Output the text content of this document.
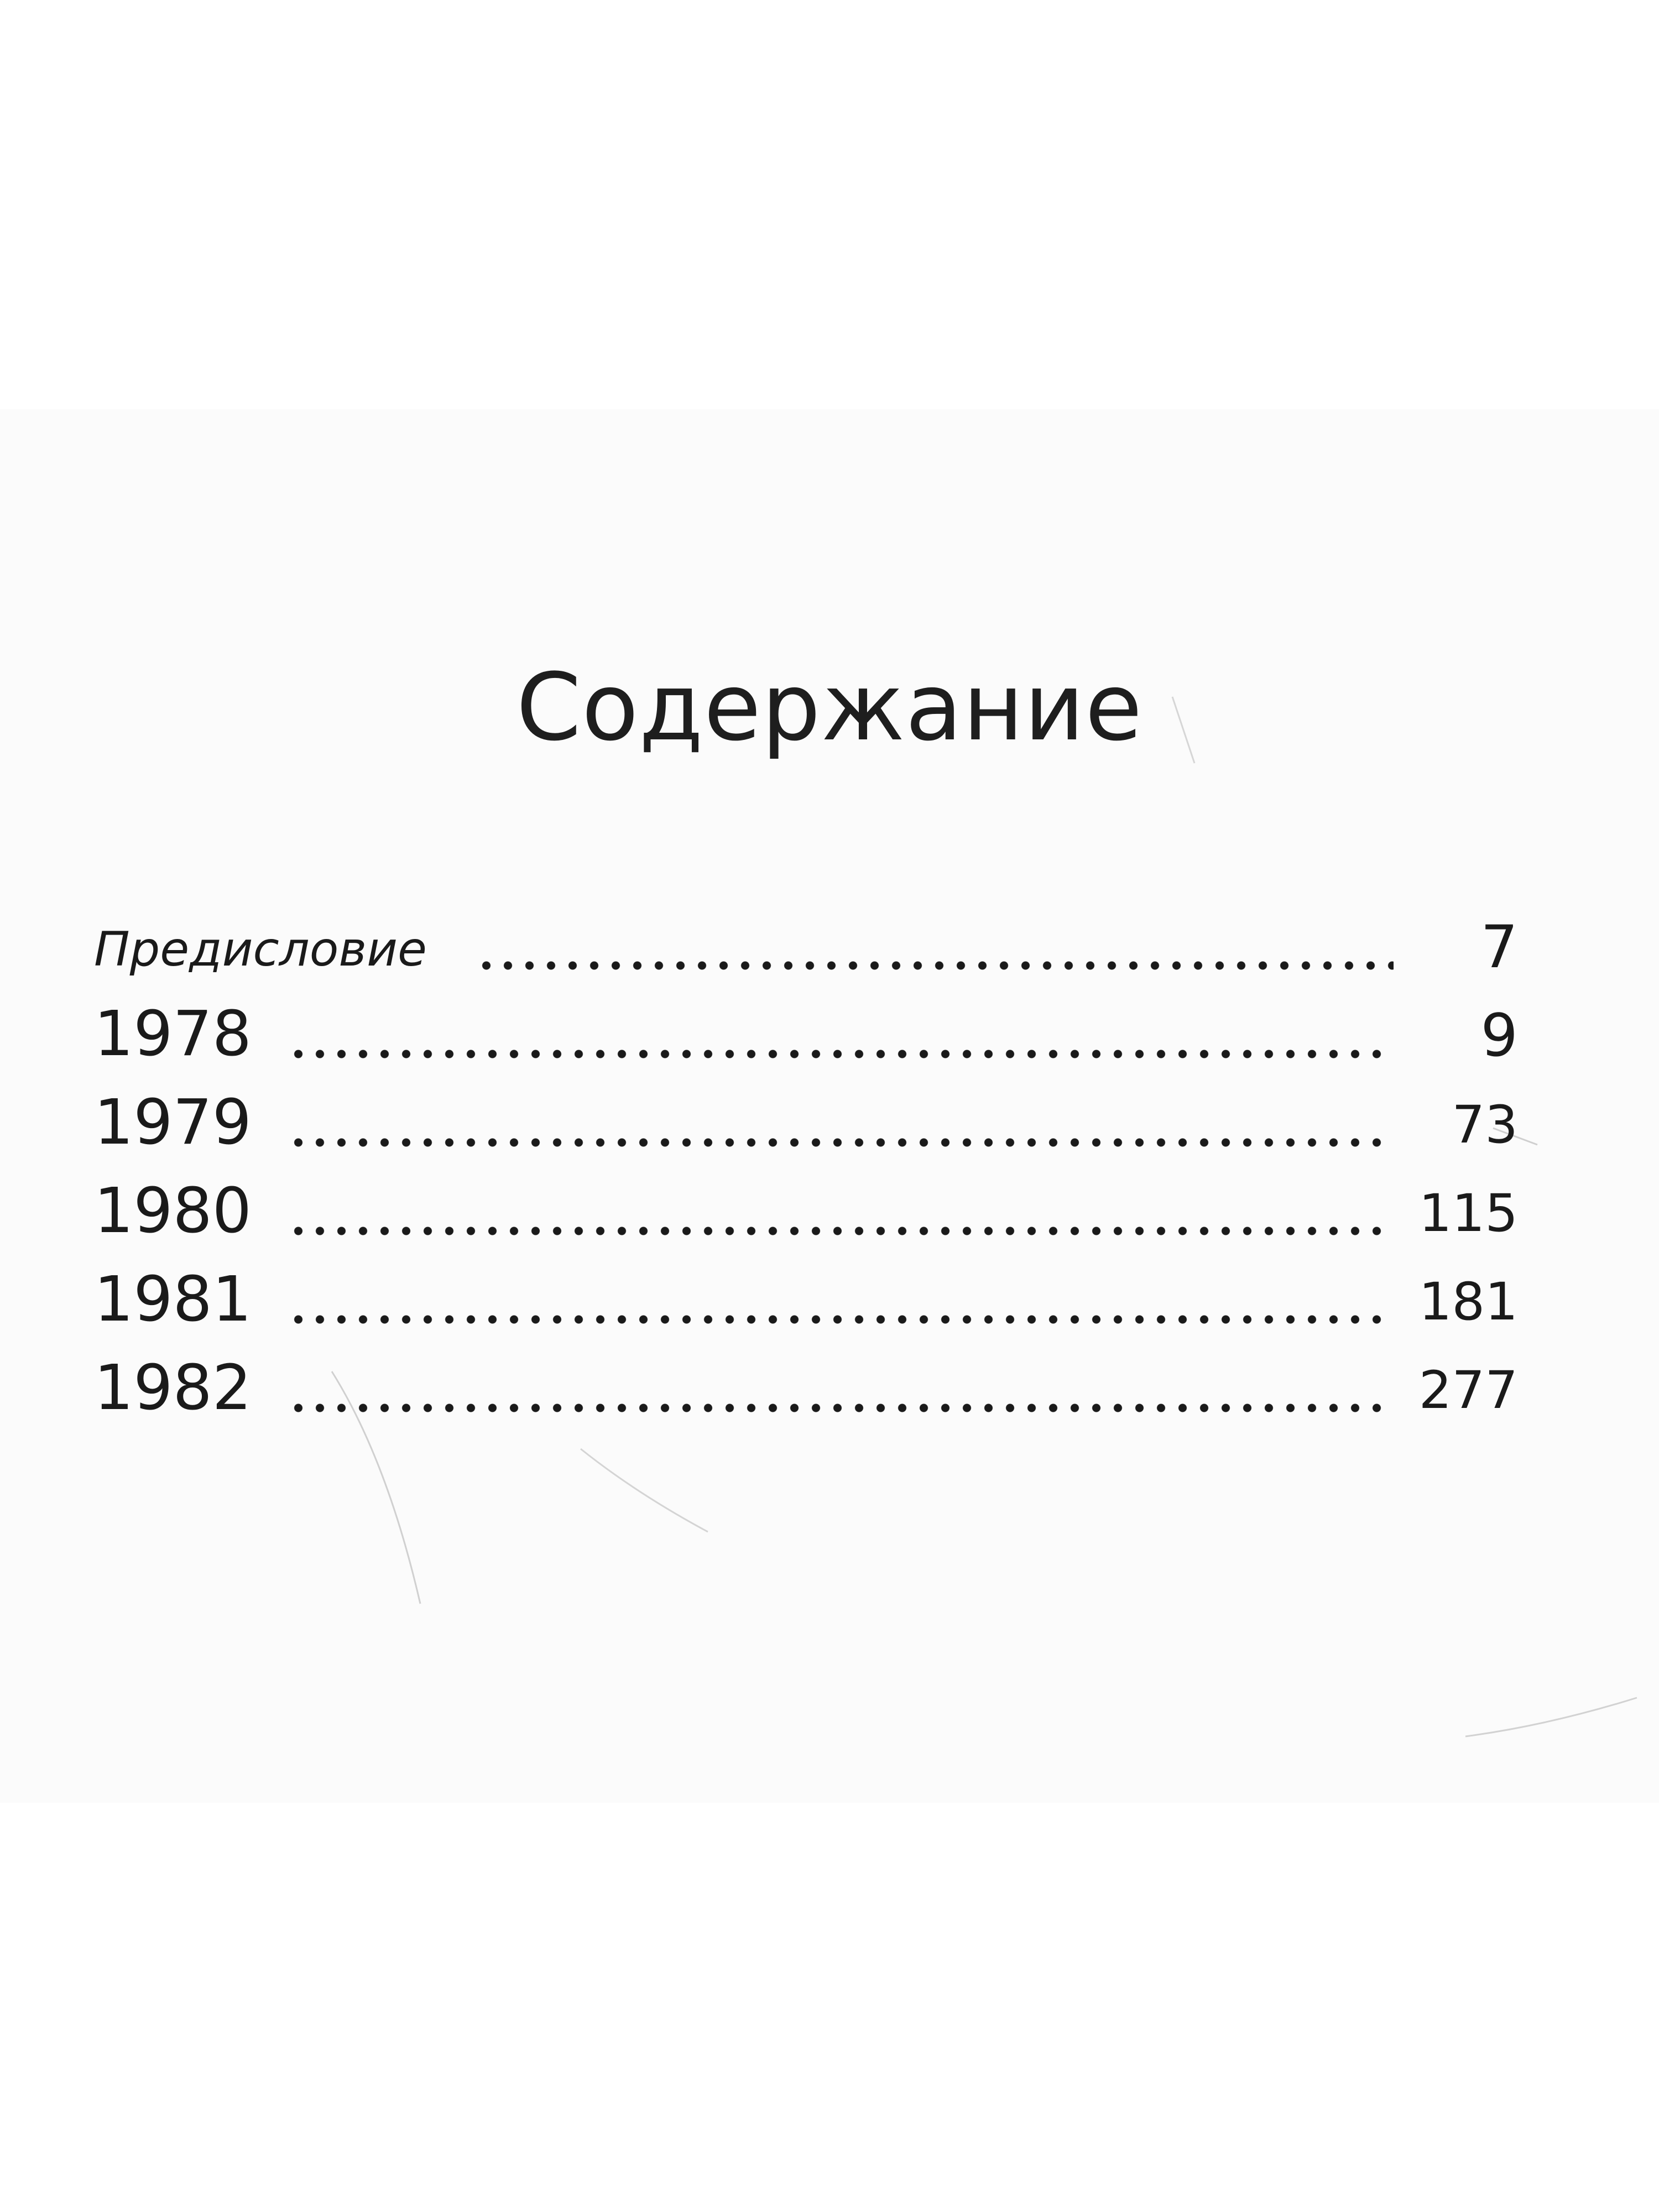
Содержание
Предисловие	7
1978	9
1979	73
1980	115
1981	181
1982	277
